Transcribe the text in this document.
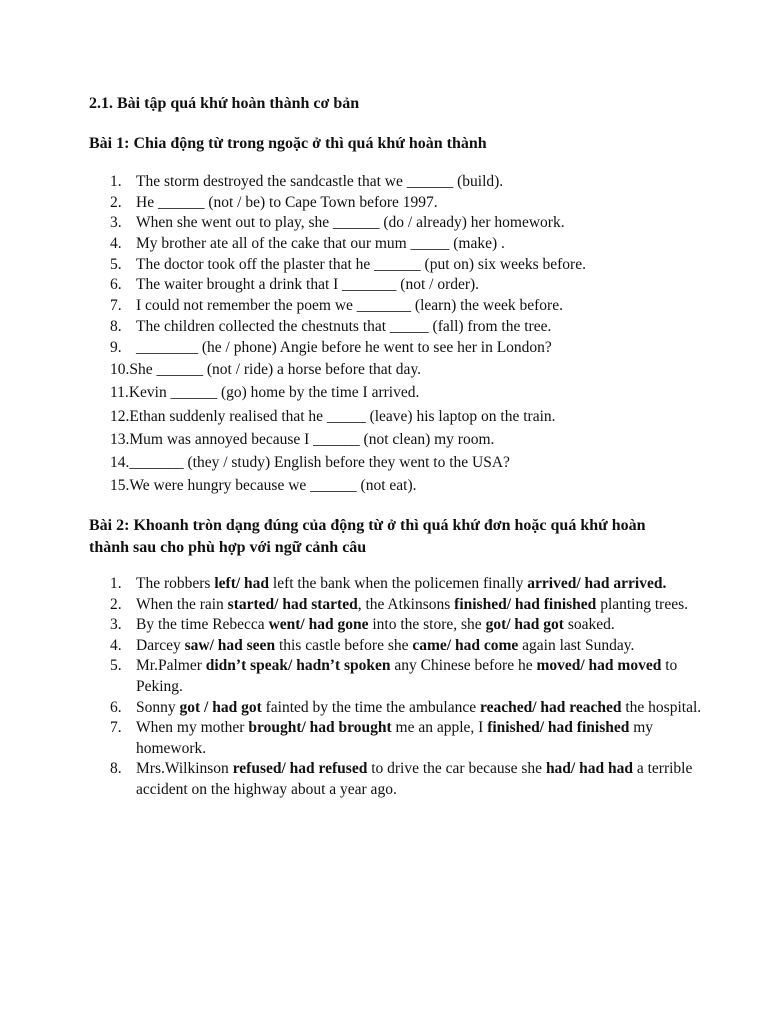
2.1. Bài tập quá khứ hoàn thành cơ bản
Bài 1: Chia động từ trong ngoặc ở thì quá khứ hoàn thành
1. The storm destroyed the sandcastle that we ______ (build).
2. He ______ (not / be) to Cape Town before 1997.
3. When she went out to play, she ______ (do / already) her homework.
4. My brother ate all of the cake that our mum _____ (make) .
5. The doctor took off the plaster that he ______ (put on) six weeks before.
6. The waiter brought a drink that I _______ (not / order).
7. I could not remember the poem we _______ (learn) the week before.
8. The children collected the chestnuts that _____ (fall) from the tree.
9. ________ (he / phone) Angie before he went to see her in London?
10.She ______ (not / ride) a horse before that day.
11.Kevin ______ (go) home by the time I arrived.
12.Ethan suddenly realised that he _____ (leave) his laptop on the train.
13.Mum was annoyed because I ______ (not clean) my room.
14._______ (they / study) English before they went to the USA?
15.We were hungry because we ______ (not eat).
Bài 2: Khoanh tròn dạng đúng của động từ ở thì quá khứ đơn hoặc quá khứ hoàn thành sau cho phù hợp với ngữ cảnh câu
1. The robbers left/ had left the bank when the policemen finally arrived/ had arrived.
2. When the rain started/ had started, the Atkinsons finished/ had finished planting trees.
3. By the time Rebecca went/ had gone into the store, she got/ had got soaked.
4. Darcey saw/ had seen this castle before she came/ had come again last Sunday.
5. Mr.Palmer didn’t speak/ hadn’t spoken any Chinese before he moved/ had moved to Peking.
6. Sonny got / had got fainted by the time the ambulance reached/ had reached the hospital.
7. When my mother brought/ had brought me an apple, I finished/ had finished my homework.
8. Mrs.Wilkinson refused/ had refused to drive the car because she had/ had had a terrible accident on the highway about a year ago.
